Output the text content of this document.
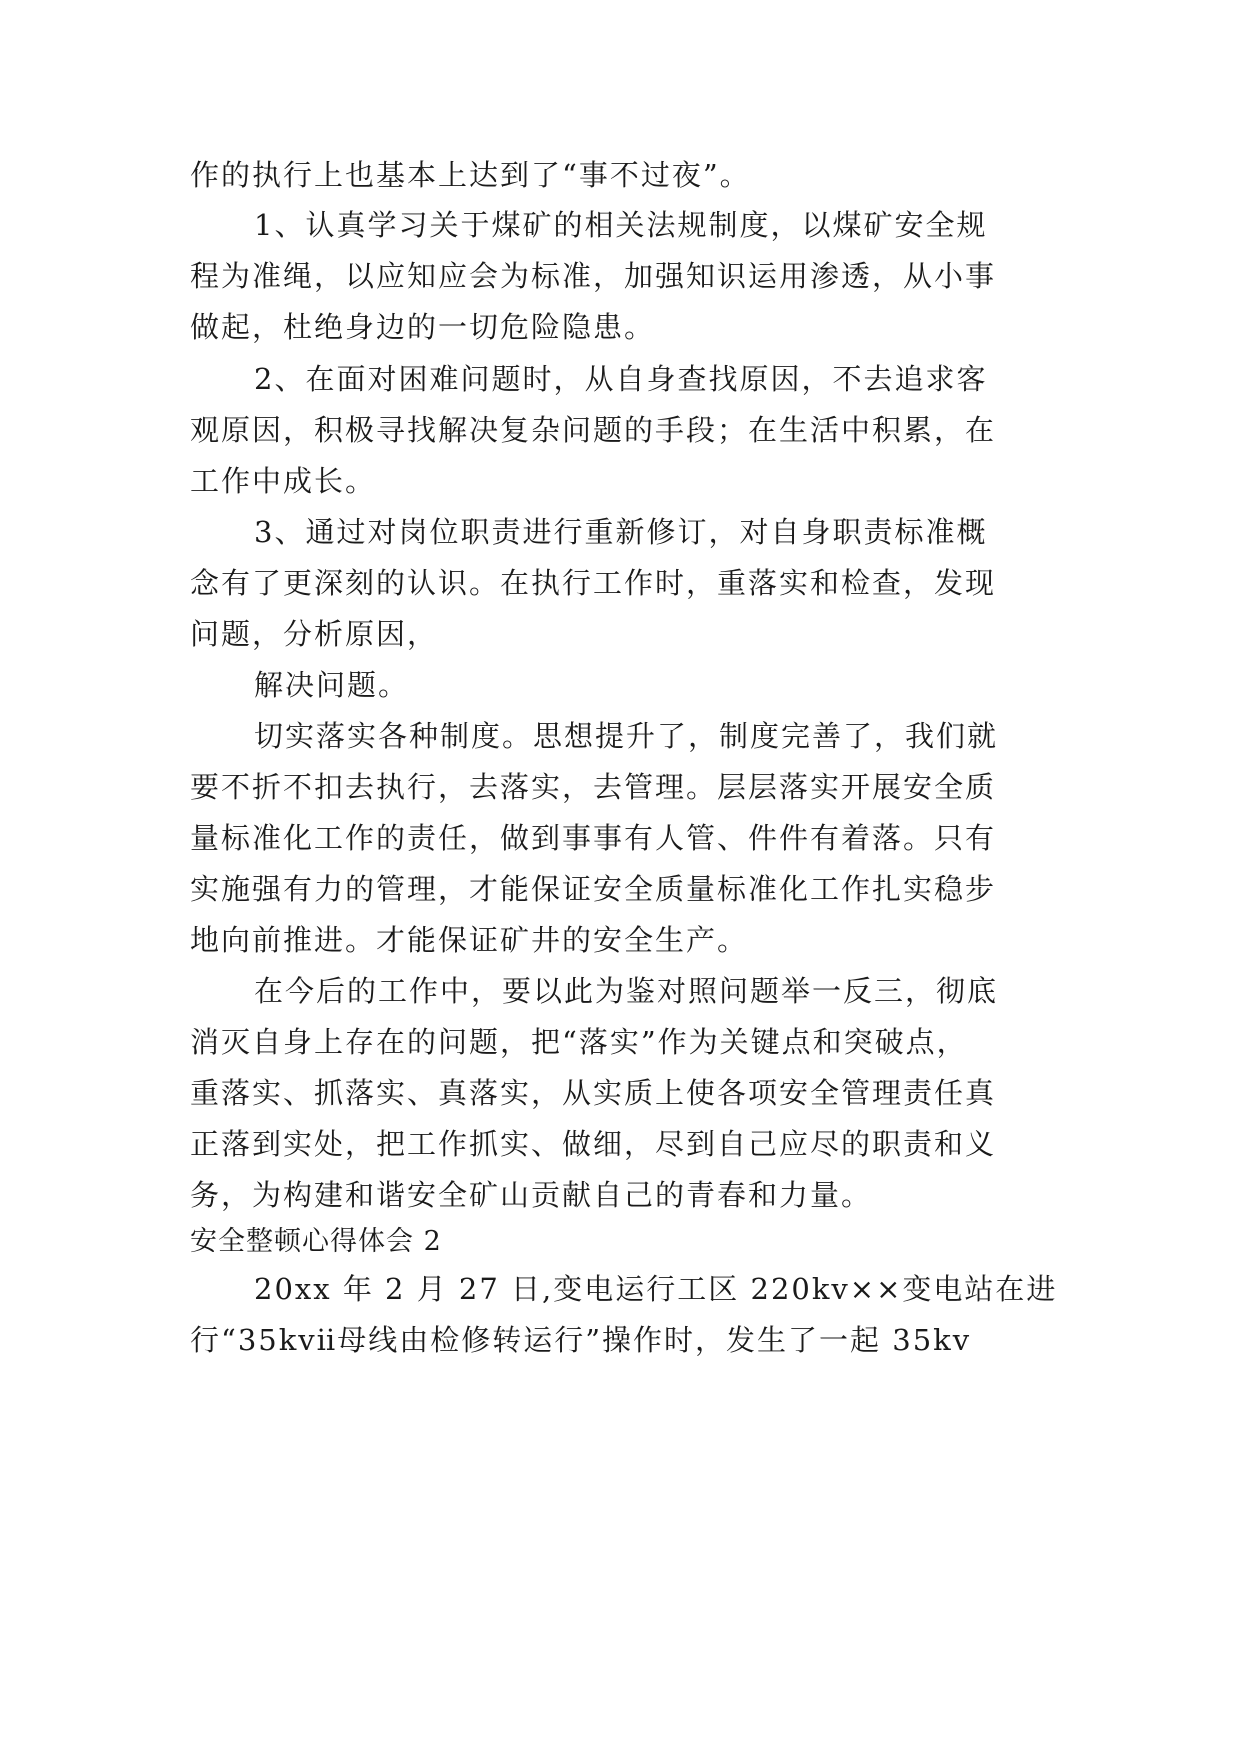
作的执行上也基本上达到了“事不过夜”。
1、认真学习关于煤矿的相关法规制度，以煤矿安全规
程为准绳，以应知应会为标准，加强知识运用渗透，从小事
做起，杜绝身边的一切危险隐患。
2、在面对困难问题时，从自身查找原因，不去追求客
观原因，积极寻找解决复杂问题的手段；在生活中积累，在
工作中成长。
3、通过对岗位职责进行重新修订，对自身职责标准概
念有了更深刻的认识。在执行工作时，重落实和检查，发现
问题，分析原因，
解决问题。
切实落实各种制度。思想提升了，制度完善了，我们就
要不折不扣去执行，去落实，去管理。层层落实开展安全质
量标准化工作的责任，做到事事有人管、件件有着落。只有
实施强有力的管理，才能保证安全质量标准化工作扎实稳步
地向前推进。才能保证矿井的安全生产。
在今后的工作中，要以此为鉴对照问题举一反三，彻底
消灭自身上存在的问题，把“落实”作为关键点和突破点，
重落实、抓落实、真落实，从实质上使各项安全管理责任真
正落到实处，把工作抓实、做细，尽到自己应尽的职责和义
务，为构建和谐安全矿山贡献自己的青春和力量。
安全整顿心得体会 2
20xx 年 2 月 27 日,变电运行工区 220kv××变电站在进
行“35kvⅱ母线由检修转运行”操作时，发生了一起 35kv
